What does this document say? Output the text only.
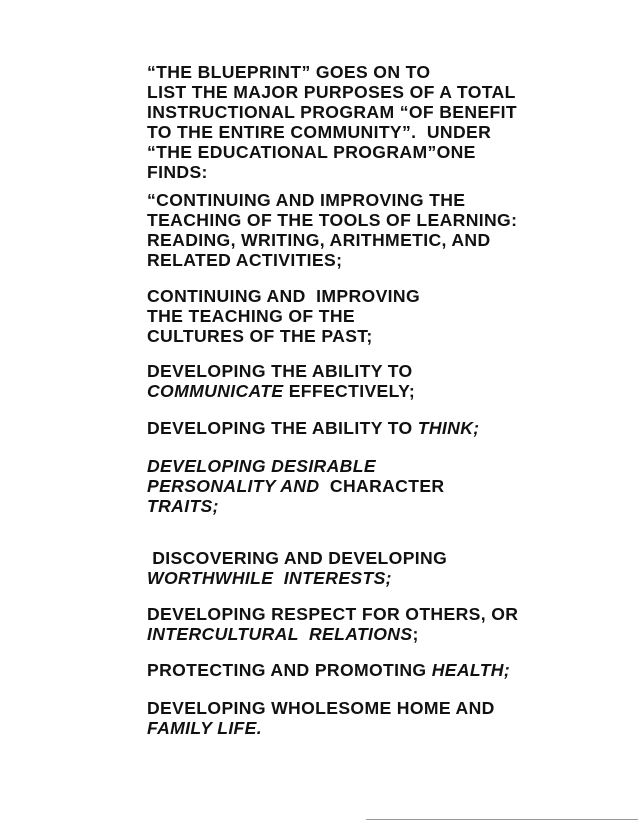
“THE BLUEPRINT” GOES ON TO
LIST THE MAJOR PURPOSES OF A TOTAL
INSTRUCTIONAL PROGRAM “OF BENEFIT
TO THE ENTIRE COMMUNITY”.  UNDER
“THE EDUCATIONAL PROGRAM”ONE
FINDS:
“CONTINUING AND IMPROVING THE
TEACHING OF THE TOOLS OF LEARNING:
READING, WRITING, ARITHMETIC, AND
RELATED ACTIVITIES;
CONTINUING AND  IMPROVING
THE TEACHING OF THE
CULTURES OF THE PAST;
DEVELOPING THE ABILITY TO
COMMUNICATE EFFECTIVELY;
DEVELOPING THE ABILITY TO THINK;
DEVELOPING DESIRABLE
PERSONALITY AND  CHARACTER
TRAITS;
DISCOVERING AND DEVELOPING
WORTHWHILE  INTERESTS;
DEVELOPING RESPECT FOR OTHERS, OR
INTERCULTURAL  RELATIONS;
PROTECTING AND PROMOTING HEALTH;
DEVELOPING WHOLESOME HOME AND
FAMILY LIFE.
